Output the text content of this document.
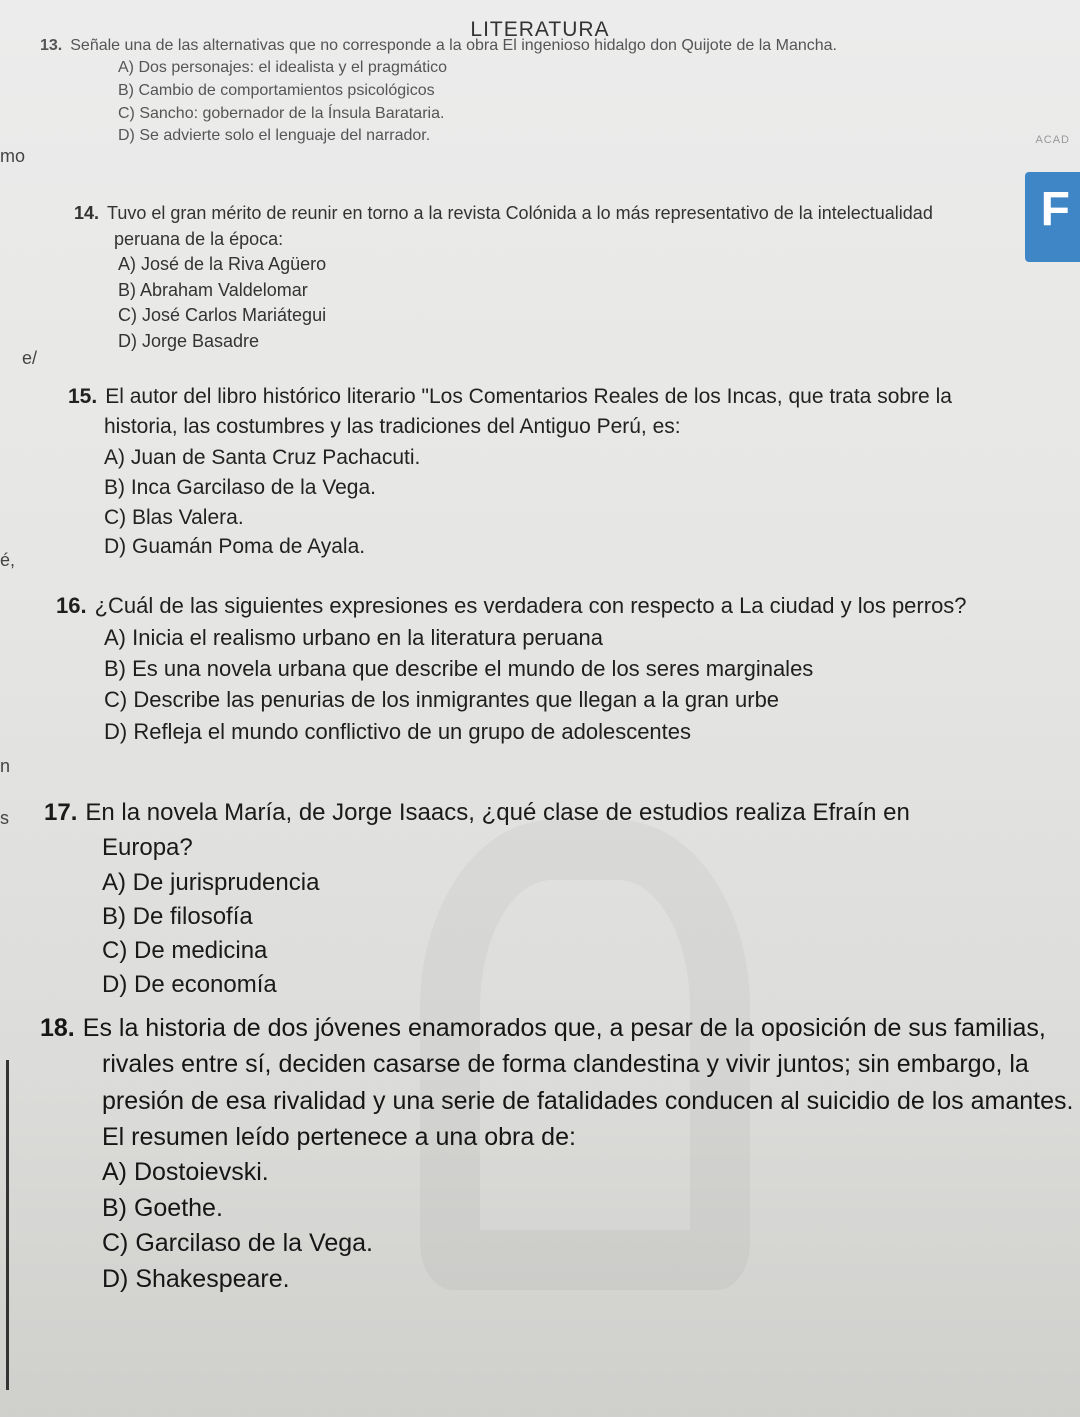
LITERATURA
mo
ACAD
F
e/
é,
n
s
13. Señale una de las alternativas que no corresponde a la obra El ingenioso hidalgo don Quijote de la Mancha.
A) Dos personajes: el idealista y el pragmático
B) Cambio de comportamientos psicológicos
C) Sancho: gobernador de la Ínsula Barataria.
D) Se advierte solo el lenguaje del narrador.
14. Tuvo el gran mérito de reunir en torno a la revista Colónida a lo más representativo de la intelectualidad peruana de la época:
A) José de la Riva Agüero
B) Abraham Valdelomar
C) José Carlos Mariátegui
D) Jorge Basadre
15. El autor del libro histórico literario "Los Comentarios Reales de los Incas, que trata sobre la historia, las costumbres y las tradiciones del Antiguo Perú, es:
A) Juan de Santa Cruz Pachacuti.
B) Inca Garcilaso de la Vega.
C) Blas Valera.
D) Guamán Poma de Ayala.
16. ¿Cuál de las siguientes expresiones es verdadera con respecto a La ciudad y los perros?
A) Inicia el realismo urbano en la literatura peruana
B) Es una novela urbana que describe el mundo de los seres marginales
C) Describe las penurias de los inmigrantes que llegan a la gran urbe
D) Refleja el mundo conflictivo de un grupo de adolescentes
17. En la novela María, de Jorge Isaacs, ¿qué clase de estudios realiza Efraín en Europa?
A) De jurisprudencia
B) De filosofía
C) De medicina
D) De economía
18. Es la historia de dos jóvenes enamorados que, a pesar de la oposición de sus familias, rivales entre sí, deciden casarse de forma clandestina y vivir juntos; sin embargo, la presión de esa rivalidad y una serie de fatalidades conducen al suicidio de los amantes. El resumen leído pertenece a una obra de:
A) Dostoievski.
B) Goethe.
C) Garcilaso de la Vega.
D) Shakespeare.
